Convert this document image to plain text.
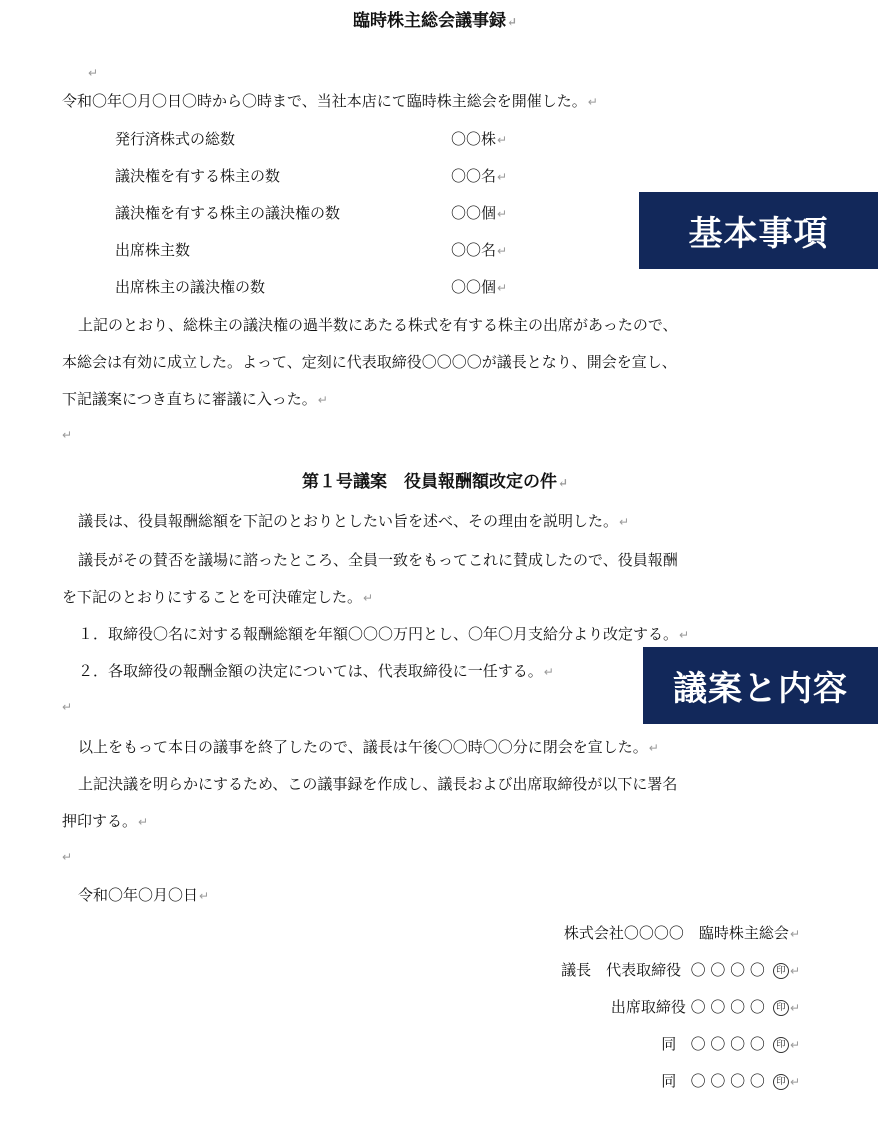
臨時株主総会議事録↵
↵
令和〇年〇月〇日〇時から〇時まで、当社本店にて臨時株主総会を開催した。↵
発行済株式の総数	〇〇株↵
議決権を有する株主の数	〇〇名↵
議決権を有する株主の議決権の数	〇〇個↵
出席株主数	〇〇名↵
出席株主の議決権の数	〇〇個↵
基本事項
上記のとおり、総株主の議決権の過半数にあたる株式を有する株主の出席があったので、
本総会は有効に成立した。よって、定刻に代表取締役〇〇〇〇が議長となり、開会を宣し、
下記議案につき直ちに審議に入った。↵
↵
第１号議案　役員報酬額改定の件↵
議長は、役員報酬総額を下記のとおりとしたい旨を述べ、その理由を説明した。↵
議長がその賛否を議場に諮ったところ、全員一致をもってこれに賛成したので、役員報酬
を下記のとおりにすることを可決確定した。↵
１．取締役〇名に対する報酬総額を年額〇〇〇万円とし、〇年〇月支給分より改定する。↵
２．各取締役の報酬金額の決定については、代表取締役に一任する。↵	議案と内容
↵
以上をもって本日の議事を終了したので、議長は午後〇〇時〇〇分に閉会を宣した。↵
上記決議を明らかにするため、この議事録を作成し、議長および出席取締役が以下に署名
押印する。↵
↵
令和〇年〇月〇日↵
株式会社〇〇〇〇　臨時株主総会↵
議長　代表取締役 〇 〇 〇 〇 印 ↵
出席取締役 〇 〇 〇 〇 印 ↵
同 〇 〇 〇 〇 印 ↵
同 〇 〇 〇 〇 印 ↵
